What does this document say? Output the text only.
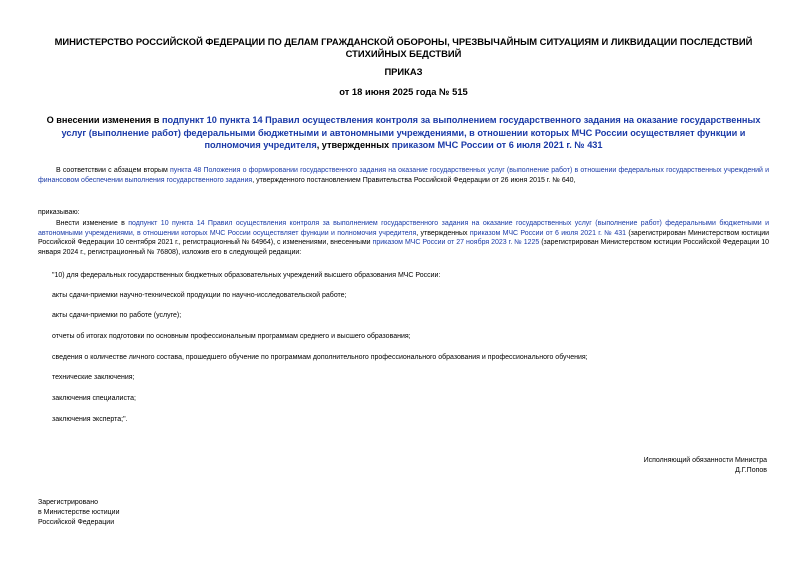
МИНИСТЕРСТВО РОССИЙСКОЙ ФЕДЕРАЦИИ ПО ДЕЛАМ ГРАЖДАНСКОЙ ОБОРОНЫ, ЧРЕЗВЫЧАЙНЫМ СИТУАЦИЯМ И ЛИКВИДАЦИИ ПОСЛЕДСТВИЙ СТИХИЙНЫХ БЕДСТВИЙ
ПРИКАЗ
от 18 июня 2025 года № 515
О внесении изменения в подпункт 10 пункта 14 Правил осуществления контроля за выполнением государственного задания на оказание государственных услуг (выполнение работ) федеральными бюджетными и автономными учреждениями, в отношении которых МЧС России осуществляет функции и полномочия учредителя, утвержденных приказом МЧС России от 6 июля 2021 г. № 431
В соответствии с абзацем вторым пункта 48 Положения о формировании государственного задания на оказание государственных услуг (выполнение работ) в отношении федеральных государственных учреждений и финансовом обеспечении выполнения государственного задания, утвержденного постановлением Правительства Российской Федерации от 26 июня 2015 г. № 640,
приказываю:
Внести изменение в подпункт 10 пункта 14 Правил осуществления контроля за выполнением государственного задания на оказание государственных услуг (выполнение работ) федеральными бюджетными и автономными учреждениями, в отношении которых МЧС России осуществляет функции и полномочия учредителя, утвержденных приказом МЧС России от 6 июля 2021 г. № 431 (зарегистрирован Министерством юстиции Российской Федерации 10 сентября 2021 г., регистрационный № 64964), с изменениями, внесенными приказом МЧС России от 27 ноября 2023 г. № 1225 (зарегистрирован Министерством юстиции Российской Федерации 10 января 2024 г., регистрационный № 76808), изложив его в следующей редакции:
"10) для федеральных государственных бюджетных образовательных учреждений высшего образования МЧС России:
акты сдачи-приемки научно-технической продукции по научно-исследовательской работе;
акты сдачи-приемки по работе (услуге);
отчеты об итогах подготовки по основным профессиональным программам среднего и высшего образования;
сведения о количестве личного состава, прошедшего обучение по программам дополнительного профессионального образования и профессионального обучения;
технические заключения;
заключения специалиста;
заключения эксперта;".
Исполняющий обязанности Министра
Д.Г.Попов
Зарегистрировано
в Министерстве юстиции
Российской Федерации
